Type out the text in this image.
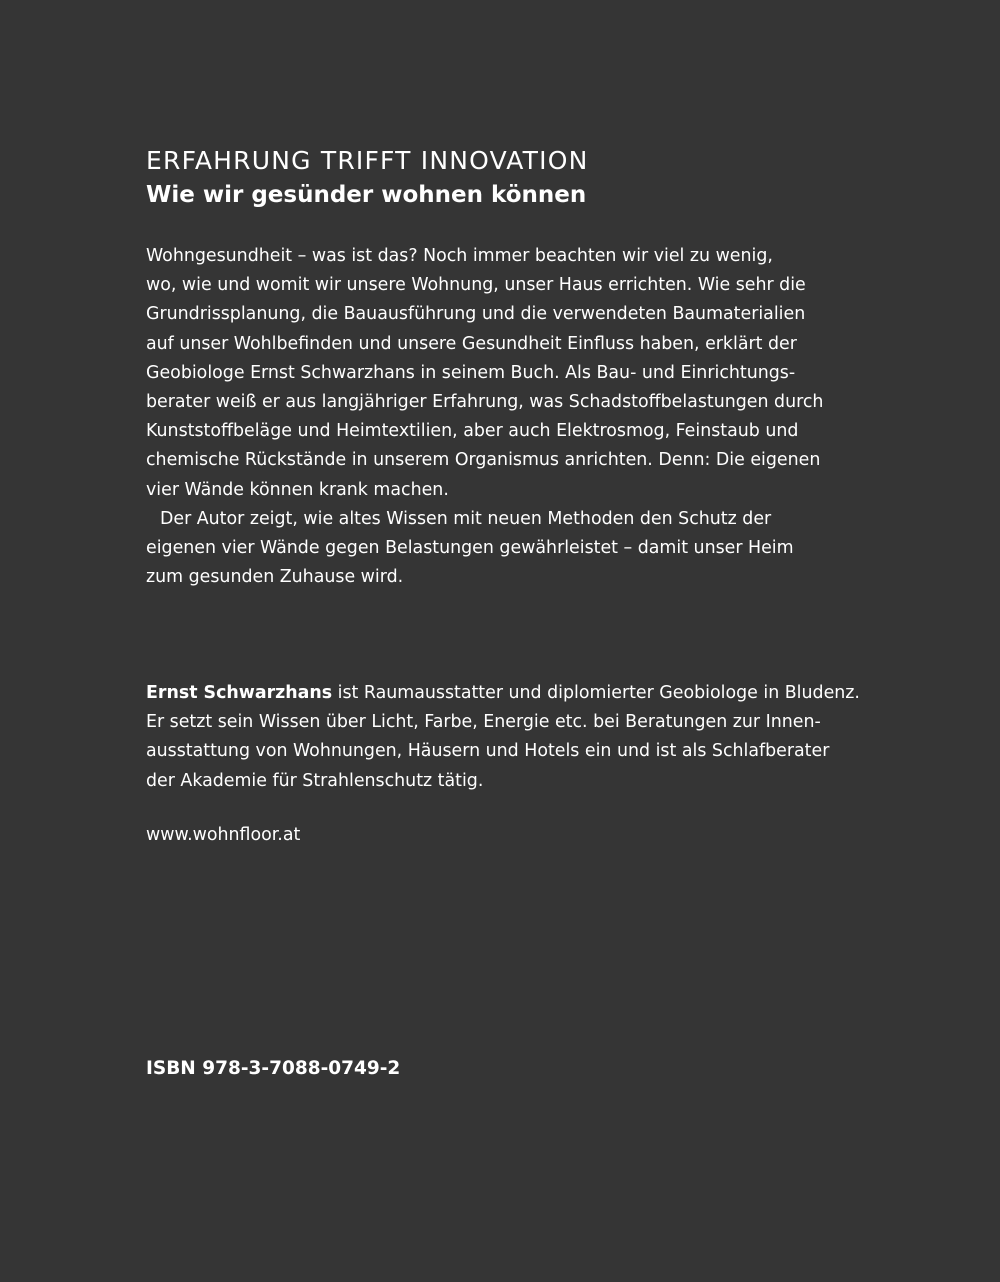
ERFAHRUNG TRIFFT INNOVATION
Wie wir gesünder wohnen können
Wohngesundheit – was ist das? Noch immer beachten wir viel zu wenig,
wo, wie und womit wir unsere Wohnung, unser Haus errichten. Wie sehr die
Grundrissplanung, die Bauausführung und die verwendeten Baumaterialien
auf unser Wohlbefinden und unsere Gesundheit Einfluss haben, erklärt der
Geobiologe Ernst Schwarzhans in seinem Buch. Als Bau- und Einrichtungs-
berater weiß er aus langjähriger Erfahrung, was Schadstoffbelastungen durch
Kunststoffbeläge und Heimtextilien, aber auch Elektrosmog, Feinstaub und
chemische Rückstände in unserem Organismus anrichten. Denn: Die eigenen
vier Wände können krank machen.
Der Autor zeigt, wie altes Wissen mit neuen Methoden den Schutz der
eigenen vier Wände gegen Belastungen gewährleistet – damit unser Heim
zum gesunden Zuhause wird.
Ernst Schwarzhans ist Raumausstatter und diplomierter Geobiologe in Bludenz.
Er setzt sein Wissen über Licht, Farbe, Energie etc. bei Beratungen zur Innen-
ausstattung von Wohnungen, Häusern und Hotels ein und ist als Schlafberater
der Akademie für Strahlenschutz tätig.
www.wohnfloor.at
ISBN 978-3-7088-0749-2
